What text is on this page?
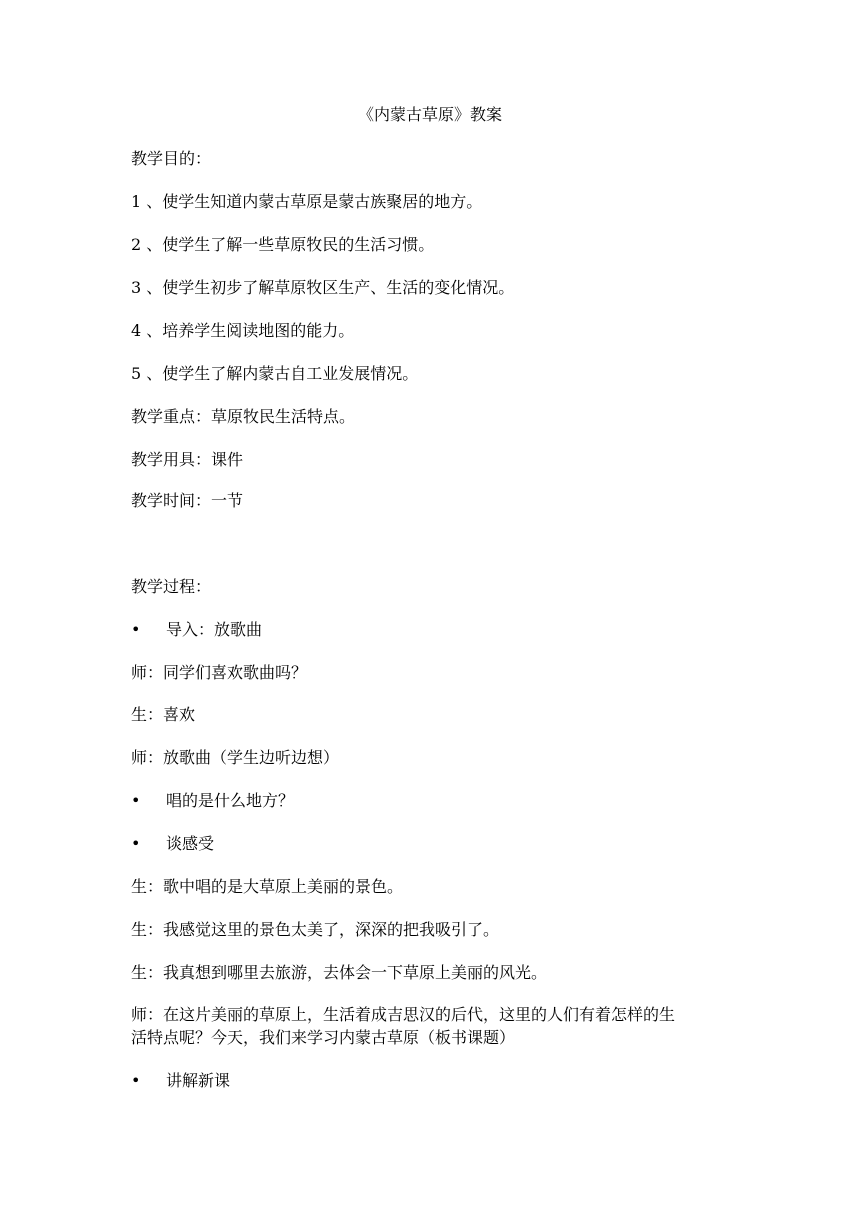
《内蒙古草原》教案
教学目的：
1 、使学生知道内蒙古草原是蒙古族聚居的地方。
2 、使学生了解一些草原牧民的生活习惯。
3 、使学生初步了解草原牧区生产、生活的变化情况。
4 、培养学生阅读地图的能力。
5 、使学生了解内蒙古自工业发展情况。
教学重点：草原牧民生活特点。
教学用具：课件
教学时间：一节
教学过程：
• 导入：放歌曲
师：同学们喜欢歌曲吗？
生：喜欢
师：放歌曲（学生边听边想）
• 唱的是什么地方？
• 谈感受
生：歌中唱的是大草原上美丽的景色。
生：我感觉这里的景色太美了，深深的把我吸引了。
生：我真想到哪里去旅游，去体会一下草原上美丽的风光。
师：在这片美丽的草原上，生活着成吉思汉的后代，这里的人们有着怎样的生
活特点呢？今天，我们来学习内蒙古草原（板书课题）
• 讲解新课
